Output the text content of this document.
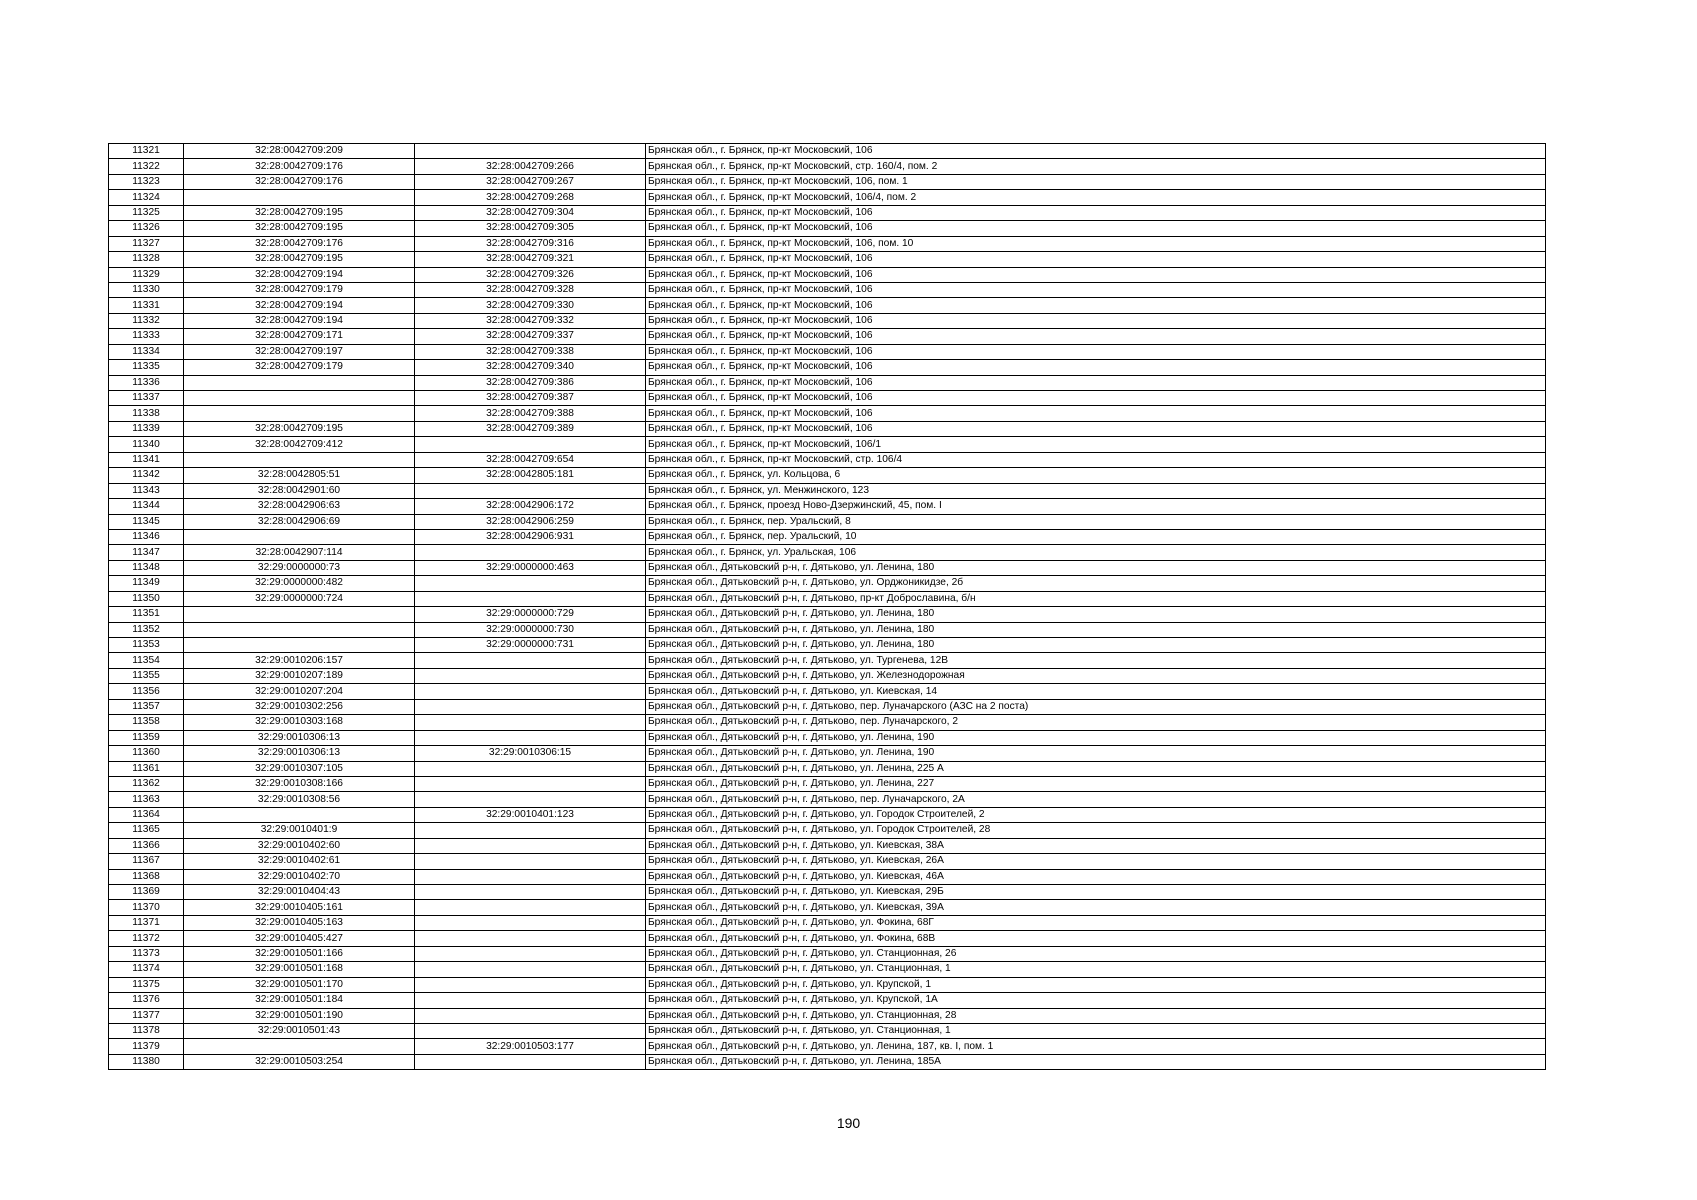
11321	32:28:0042709:209		Брянская обл., г. Брянск, пр-кт Московский, 106
11322	32:28:0042709:176	32:28:0042709:266	Брянская обл., г. Брянск, пр-кт Московский, стр. 160/4, пом. 2
11323	32:28:0042709:176	32:28:0042709:267	Брянская обл., г. Брянск, пр-кт Московский, 106, пом. 1
11324		32:28:0042709:268	Брянская обл., г. Брянск, пр-кт Московский, 106/4, пом. 2
11325	32:28:0042709:195	32:28:0042709:304	Брянская обл., г. Брянск, пр-кт Московский, 106
11326	32:28:0042709:195	32:28:0042709:305	Брянская обл., г. Брянск, пр-кт Московский, 106
11327	32:28:0042709:176	32:28:0042709:316	Брянская обл., г. Брянск, пр-кт Московский, 106, пом. 10
11328	32:28:0042709:195	32:28:0042709:321	Брянская обл., г. Брянск, пр-кт Московский, 106
11329	32:28:0042709:194	32:28:0042709:326	Брянская обл., г. Брянск, пр-кт Московский, 106
11330	32:28:0042709:179	32:28:0042709:328	Брянская обл., г. Брянск, пр-кт Московский, 106
11331	32:28:0042709:194	32:28:0042709:330	Брянская обл., г. Брянск, пр-кт Московский, 106
11332	32:28:0042709:194	32:28:0042709:332	Брянская обл., г. Брянск, пр-кт Московский, 106
11333	32:28:0042709:171	32:28:0042709:337	Брянская обл., г. Брянск, пр-кт Московский, 106
11334	32:28:0042709:197	32:28:0042709:338	Брянская обл., г. Брянск, пр-кт Московский, 106
11335	32:28:0042709:179	32:28:0042709:340	Брянская обл., г. Брянск, пр-кт Московский, 106
11336		32:28:0042709:386	Брянская обл., г. Брянск, пр-кт Московский, 106
11337		32:28:0042709:387	Брянская обл., г. Брянск, пр-кт Московский, 106
11338		32:28:0042709:388	Брянская обл., г. Брянск, пр-кт Московский, 106
11339	32:28:0042709:195	32:28:0042709:389	Брянская обл., г. Брянск, пр-кт Московский, 106
11340	32:28:0042709:412		Брянская обл., г. Брянск, пр-кт Московский, 106/1
11341		32:28:0042709:654	Брянская обл., г. Брянск, пр-кт Московский, стр. 106/4
11342	32:28:0042805:51	32:28:0042805:181	Брянская обл., г. Брянск, ул. Кольцова, 6
11343	32:28:0042901:60		Брянская обл., г. Брянск, ул. Менжинского, 123
11344	32:28:0042906:63	32:28:0042906:172	Брянская обл., г. Брянск, проезд Ново-Дзержинский, 45, пом. I
11345	32:28:0042906:69	32:28:0042906:259	Брянская обл., г. Брянск, пер. Уральский, 8
11346		32:28:0042906:931	Брянская обл., г. Брянск, пер. Уральский, 10
11347	32:28:0042907:114		Брянская обл., г. Брянск, ул. Уральская, 106
11348	32:29:0000000:73	32:29:0000000:463	Брянская обл., Дятьковский р-н, г. Дятьково, ул. Ленина, 180
11349	32:29:0000000:482		Брянская обл., Дятьковский р-н, г. Дятьково, ул. Орджоникидзе, 2б
11350	32:29:0000000:724		Брянская обл., Дятьковский р-н, г. Дятьково, пр-кт Доброславина, б/н
11351		32:29:0000000:729	Брянская обл., Дятьковский р-н, г. Дятьково, ул. Ленина, 180
11352		32:29:0000000:730	Брянская обл., Дятьковский р-н, г. Дятьково, ул. Ленина, 180
11353		32:29:0000000:731	Брянская обл., Дятьковский р-н, г. Дятьково, ул. Ленина, 180
11354	32:29:0010206:157		Брянская обл., Дятьковский р-н, г. Дятьково, ул. Тургенева, 12В
11355	32:29:0010207:189		Брянская обл., Дятьковский р-н, г. Дятьково, ул. Железнодорожная
11356	32:29:0010207:204		Брянская обл., Дятьковский р-н, г. Дятьково, ул. Киевская, 14
11357	32:29:0010302:256		Брянская обл., Дятьковский р-н, г. Дятьково, пер. Луначарского (АЗС на 2 поста)
11358	32:29:0010303:168		Брянская обл., Дятьковский р-н, г. Дятьково, пер. Луначарского, 2
11359	32:29:0010306:13		Брянская обл., Дятьковский р-н, г. Дятьково, ул. Ленина, 190
11360	32:29:0010306:13	32:29:0010306:15	Брянская обл., Дятьковский р-н, г. Дятьково, ул. Ленина, 190
11361	32:29:0010307:105		Брянская обл., Дятьковский р-н, г. Дятьково, ул. Ленина, 225 А
11362	32:29:0010308:166		Брянская обл., Дятьковский р-н, г. Дятьково, ул. Ленина, 227
11363	32:29:0010308:56		Брянская обл., Дятьковский р-н, г. Дятьково, пер. Луначарского, 2А
11364		32:29:0010401:123	Брянская обл., Дятьковский р-н, г. Дятьково, ул. Городок Строителей, 2
11365	32:29:0010401:9		Брянская обл., Дятьковский р-н, г. Дятьково, ул. Городок Строителей, 28
11366	32:29:0010402:60		Брянская обл., Дятьковский р-н, г. Дятьково, ул. Киевская, 38А
11367	32:29:0010402:61		Брянская обл., Дятьковский р-н, г. Дятьково, ул. Киевская, 26А
11368	32:29:0010402:70		Брянская обл., Дятьковский р-н, г. Дятьково, ул. Киевская, 46А
11369	32:29:0010404:43		Брянская обл., Дятьковский р-н, г. Дятьково, ул. Киевская, 29Б
11370	32:29:0010405:161		Брянская обл., Дятьковский р-н, г. Дятьково, ул. Киевская, 39А
11371	32:29:0010405:163		Брянская обл., Дятьковский р-н, г. Дятьково, ул. Фокина, 68Г
11372	32:29:0010405:427		Брянская обл., Дятьковский р-н, г. Дятьково, ул. Фокина, 68В
11373	32:29:0010501:166		Брянская обл., Дятьковский р-н, г. Дятьково, ул. Станционная, 26
11374	32:29:0010501:168		Брянская обл., Дятьковский р-н, г. Дятьково, ул. Станционная, 1
11375	32:29:0010501:170		Брянская обл., Дятьковский р-н, г. Дятьково, ул. Крупской, 1
11376	32:29:0010501:184		Брянская обл., Дятьковский р-н, г. Дятьково, ул. Крупской, 1А
11377	32:29:0010501:190		Брянская обл., Дятьковский р-н, г. Дятьково, ул. Станционная, 28
11378	32:29:0010501:43		Брянская обл., Дятьковский р-н, г. Дятьково, ул. Станционная, 1
11379		32:29:0010503:177	Брянская обл., Дятьковский р-н, г. Дятьково, ул. Ленина, 187, кв. I, пом. 1
11380	32:29:0010503:254		Брянская обл., Дятьковский р-н, г. Дятьково, ул. Ленина, 185А
190
